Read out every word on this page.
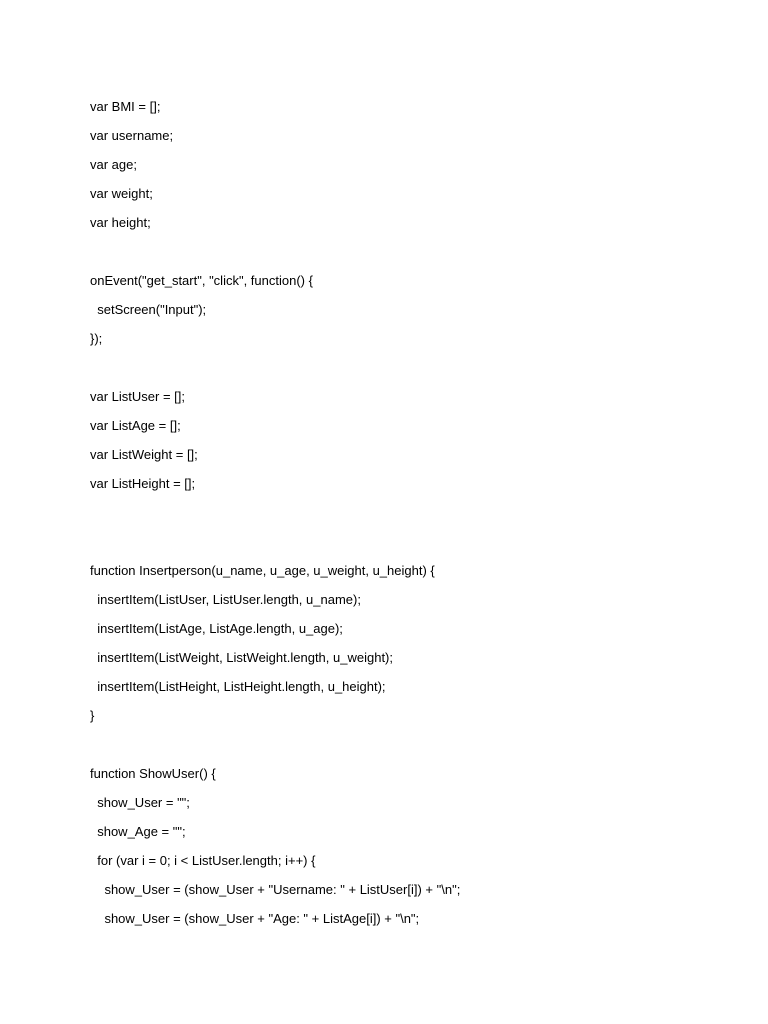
var BMI = [];
var username;
var age;
var weight;
var height;
onEvent("get_start", "click", function() {
setScreen("Input");
});
var ListUser = [];
var ListAge = [];
var ListWeight = [];
var ListHeight = [];
function Insertperson(u_name, u_age, u_weight, u_height) {
insertItem(ListUser, ListUser.length, u_name);
insertItem(ListAge, ListAge.length, u_age);
insertItem(ListWeight, ListWeight.length, u_weight);
insertItem(ListHeight, ListHeight.length, u_height);
}
function ShowUser() {
show_User = "";
show_Age = "";
for (var i = 0; i < ListUser.length; i++) {
show_User = (show_User + "Username: " + ListUser[i]) + "\n";
show_User = (show_User + "Age: " + ListAge[i]) + "\n";
